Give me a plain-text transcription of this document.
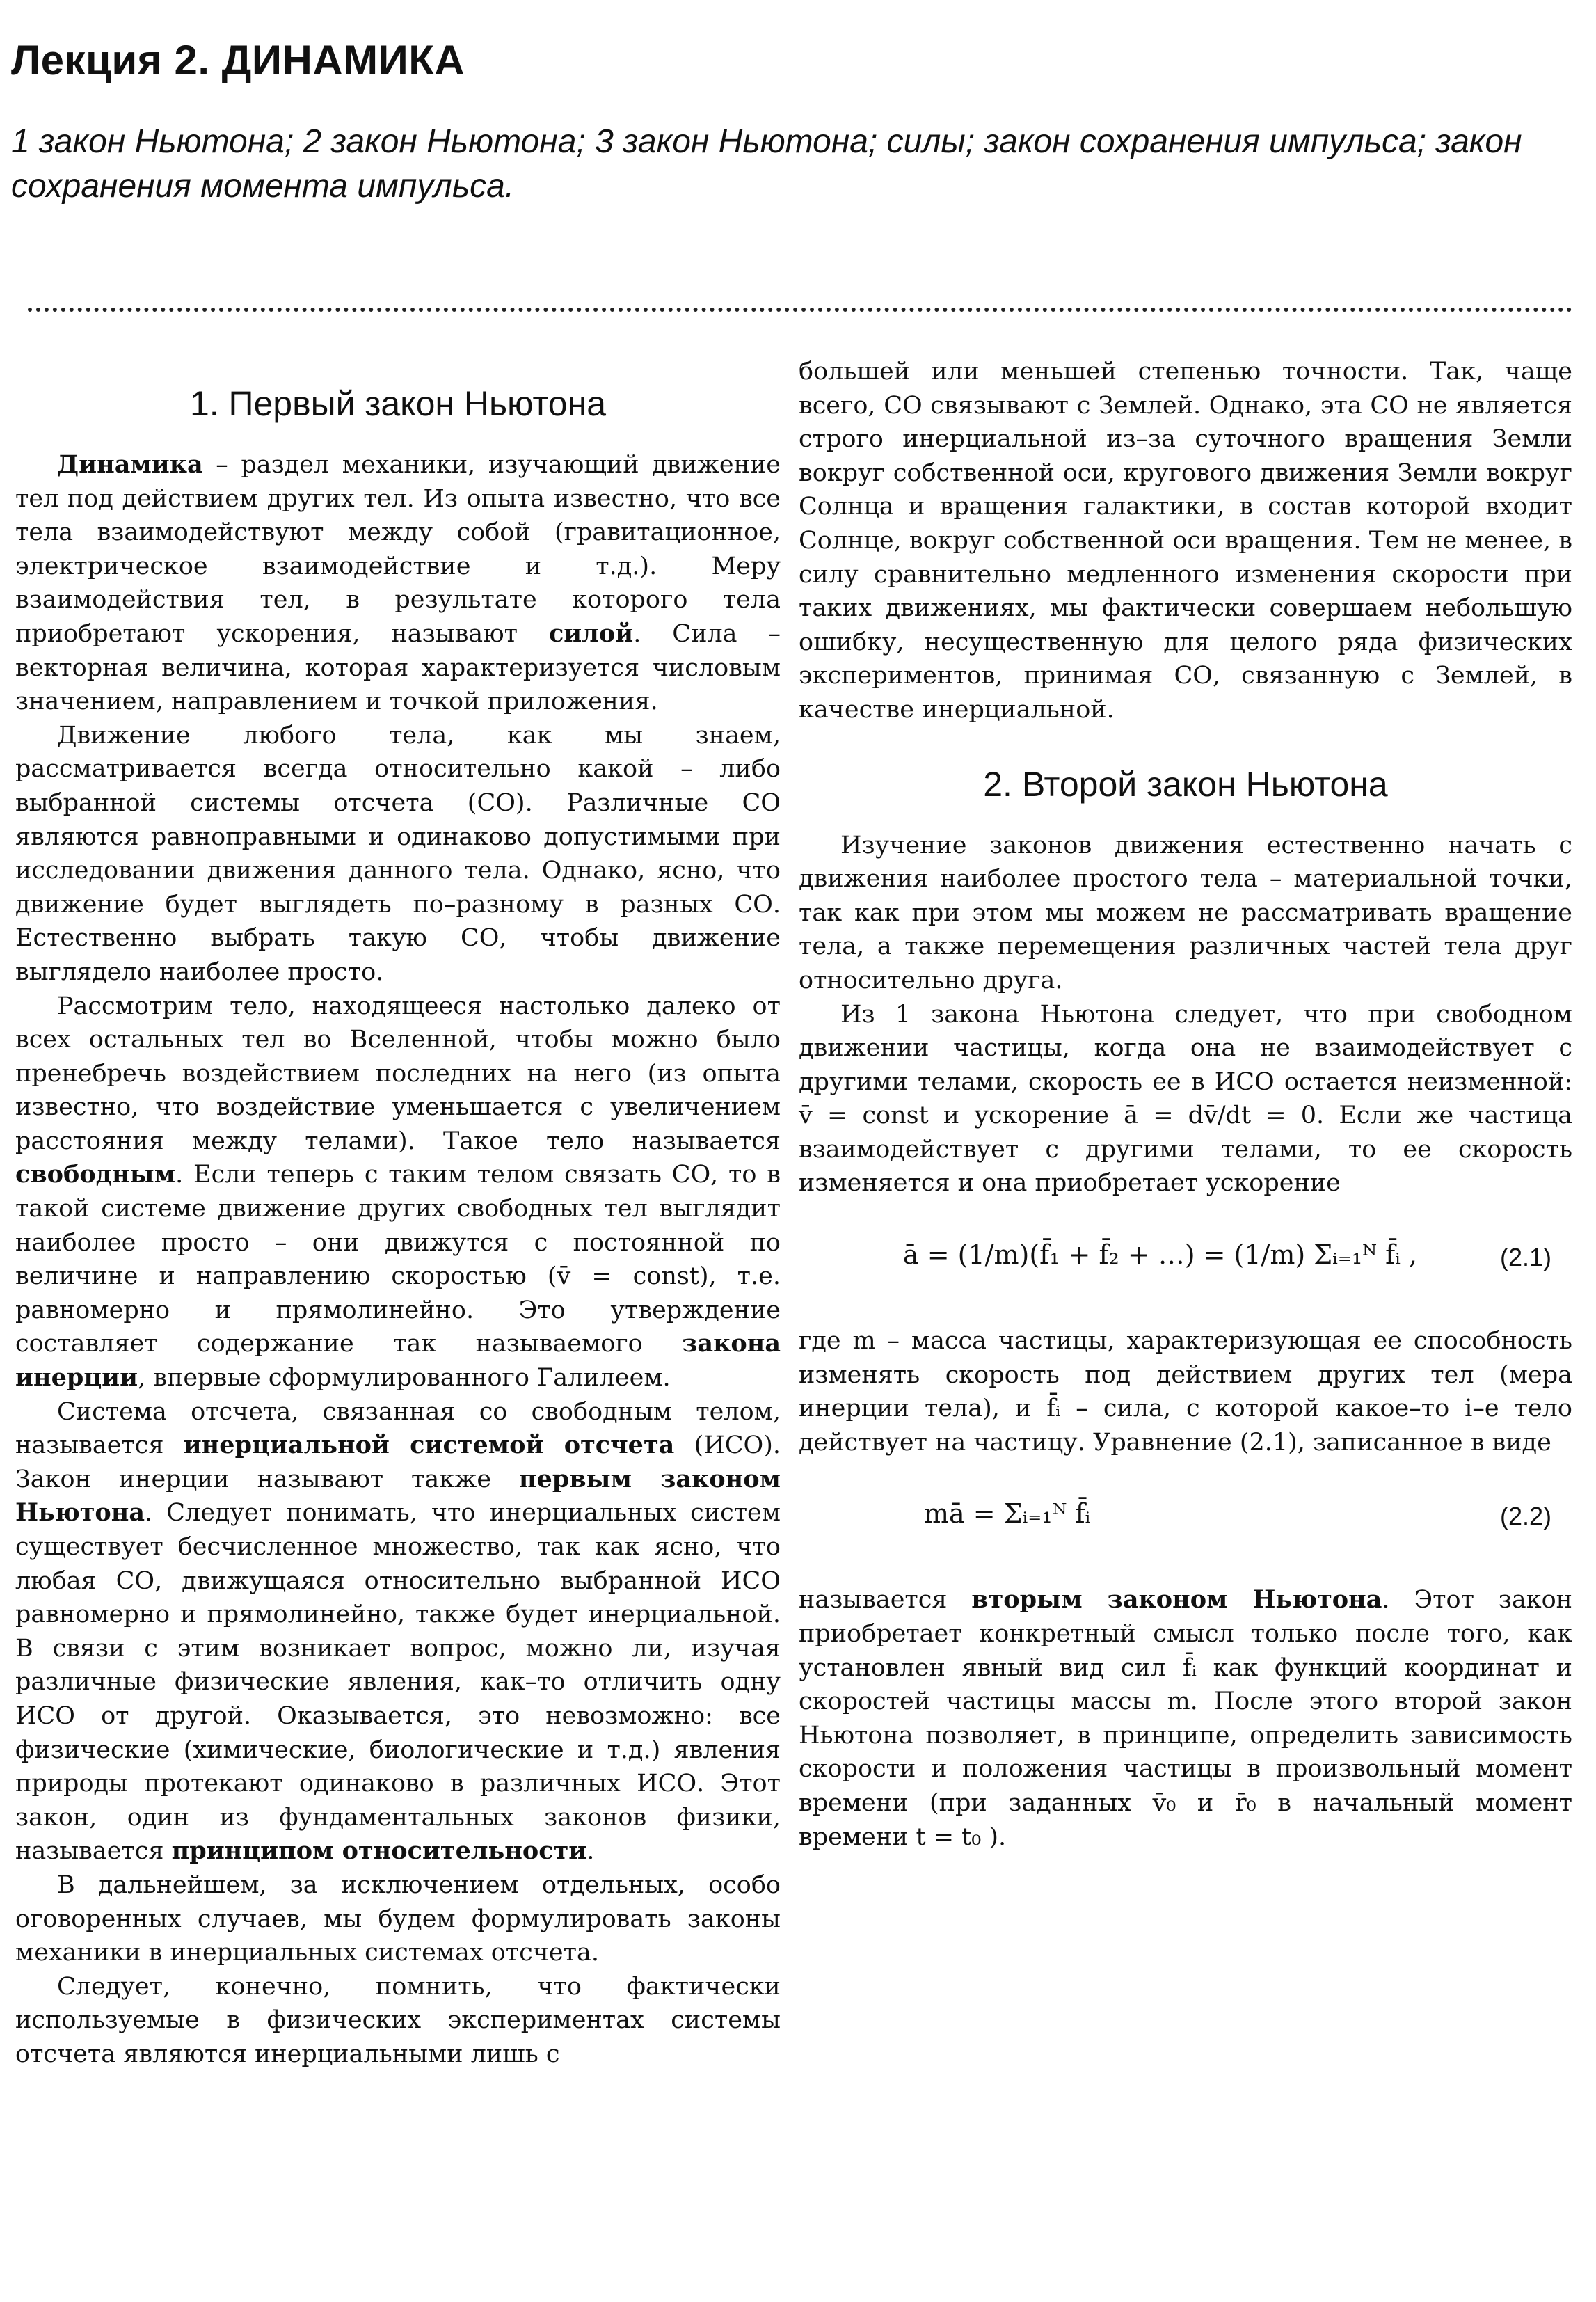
Лекция 2. ДИНАМИКА

1 закон Ньютона; 2 закон Ньютона; 3 закон Ньютона; силы; закон сохранения импульса; закон сохранения момента импульса.

1. Первый закон Ньютона

Динамика – раздел механики, изучающий движение тел под действием других тел. Из опыта известно, что все тела взаимодействуют между собой (гравитационное, электрическое взаимодействие и т.д.). Меру взаимодействия тел, в результате которого тела приобретают ускорения, называют силой. Сила – векторная величина, которая характеризуется числовым значением, направлением и точкой приложения.

Движение любого тела, как мы знаем, рассматривается всегда относительно какой – либо выбранной системы отсчета (СО). Различные СО являются равноправными и одинаково допустимыми при исследовании движения данного тела. Однако, ясно, что движение будет выглядеть по–разному в разных СО. Естественно выбрать такую СО, чтобы движение выглядело наиболее просто.

Рассмотрим тело, находящееся настолько далеко от всех остальных тел во Вселенной, чтобы можно было пренебречь воздействием последних на него (из опыта известно, что воздействие уменьшается с увеличением расстояния между телами). Такое тело называется свободным. Если теперь с таким телом связать СО, то в такой системе движение других свободных тел выглядит наиболее просто – они движутся с постоянной по величине и направлению скоростью (v̄ = const), т.е. равномерно и прямолинейно. Это утверждение составляет содержание так называемого закона инерции, впервые сформулированного Галилеем.

Система отсчета, связанная со свободным телом, называется инерциальной системой отсчета (ИСО). Закон инерции называют также первым законом Ньютона. Следует понимать, что инерциальных систем существует бесчисленное множество, так как ясно, что любая СО, движущаяся относительно выбранной ИСО равномерно и прямолинейно, также будет инерциальной. В связи с этим возникает вопрос, можно ли, изучая различные физические явления, как–то отличить одну ИСО от другой. Оказывается, это невозможно: все физические (химические, биологические и т.д.) явления природы протекают одинаково в различных ИСО. Этот закон, один из фундаментальных законов физики, называется принципом относительности.

В дальнейшем, за исключением отдельных, особо оговоренных случаев, мы будем формулировать законы механики в инерциальных системах отсчета.

Следует, конечно, помнить, что фактически используемые в физических экспериментах системы отсчета являются инерциальными лишь с

большей или меньшей степенью точности. Так, чаще всего, СО связывают с Землей. Однако, эта СО не является строго инерциальной из–за суточного вращения Земли вокруг собственной оси, кругового движения Земли вокруг Солнца и вращения галактики, в состав которой входит Солнце, вокруг собственной оси вращения. Тем не менее, в силу сравнительно медленного изменения скорости при таких движениях, мы фактически совершаем небольшую ошибку, несущественную для целого ряда физических экспериментов, принимая СО, связанную с Землей, в качестве инерциальной.

2. Второй закон Ньютона

Изучение законов движения естественно начать с движения наиболее простого тела – материальной точки, так как при этом мы можем не рассматривать вращение тела, а также перемещения различных частей тела друг относительно друга.

Из 1 закона Ньютона следует, что при свободном движении частицы, когда она не взаимодействует с другими телами, скорость ее в ИСО остается неизменной: v̄ = const и ускорение ā = dv̄/dt = 0. Если же частица взаимодействует с другими телами, то ее скорость изменяется и она приобретает ускорение

ā = (1/m)(f̄₁ + f̄₂ + …) = (1/m) Σᵢ₌₁ᴺ f̄ᵢ ,	(2.1)

где m – масса частицы, характеризующая ее способность изменять скорость под действием других тел (мера инерции тела), и f̄ᵢ – сила, с которой какое–то i–е тело действует на частицу. Уравнение (2.1), записанное в виде

mā = Σᵢ₌₁ᴺ f̄ᵢ	(2.2)

называется вторым законом Ньютона. Этот закон приобретает конкретный смысл только после того, как установлен явный вид сил f̄ᵢ как функций координат и скоростей частицы массы m. После этого второй закон Ньютона позволяет, в принципе, определить зависимость скорости и положения частицы в произвольный момент времени (при заданных v̄₀ и r̄₀ в начальный момент времени t = t₀ ).
